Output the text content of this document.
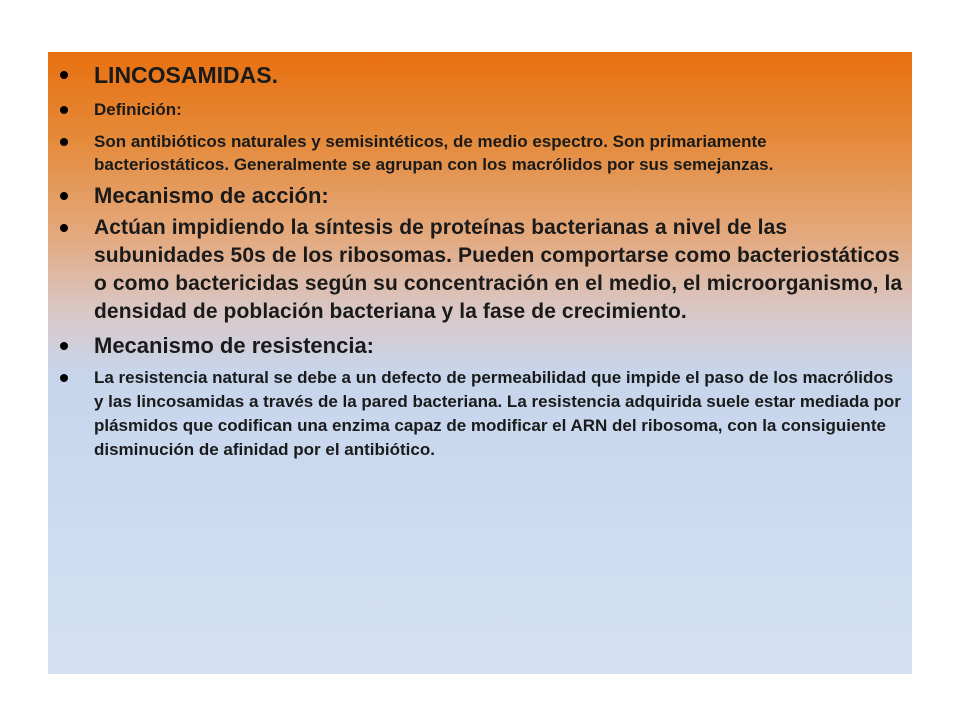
LINCOSAMIDAS.
Definición:
Son antibióticos naturales y semisintéticos, de medio espectro. Son primariamente bacteriostáticos. Generalmente se agrupan con los macrólidos por sus semejanzas.
Mecanismo de acción:
Actúan impidiendo la síntesis de proteínas bacterianas a nivel de las subunidades 50s de los ribosomas. Pueden comportarse como bacteriostáticos o como bactericidas según su concentración en el medio, el microorganismo, la densidad de población bacteriana y la fase de crecimiento.
Mecanismo de resistencia:
La resistencia natural se debe a un defecto de permeabilidad que impide el paso de los macrólidos y las lincosamidas a través de la pared bacteriana. La resistencia adquirida suele estar mediada por plásmidos que codifican una enzima capaz de modificar el ARN del ribosoma, con la consiguiente disminución de afinidad por el antibiótico.
